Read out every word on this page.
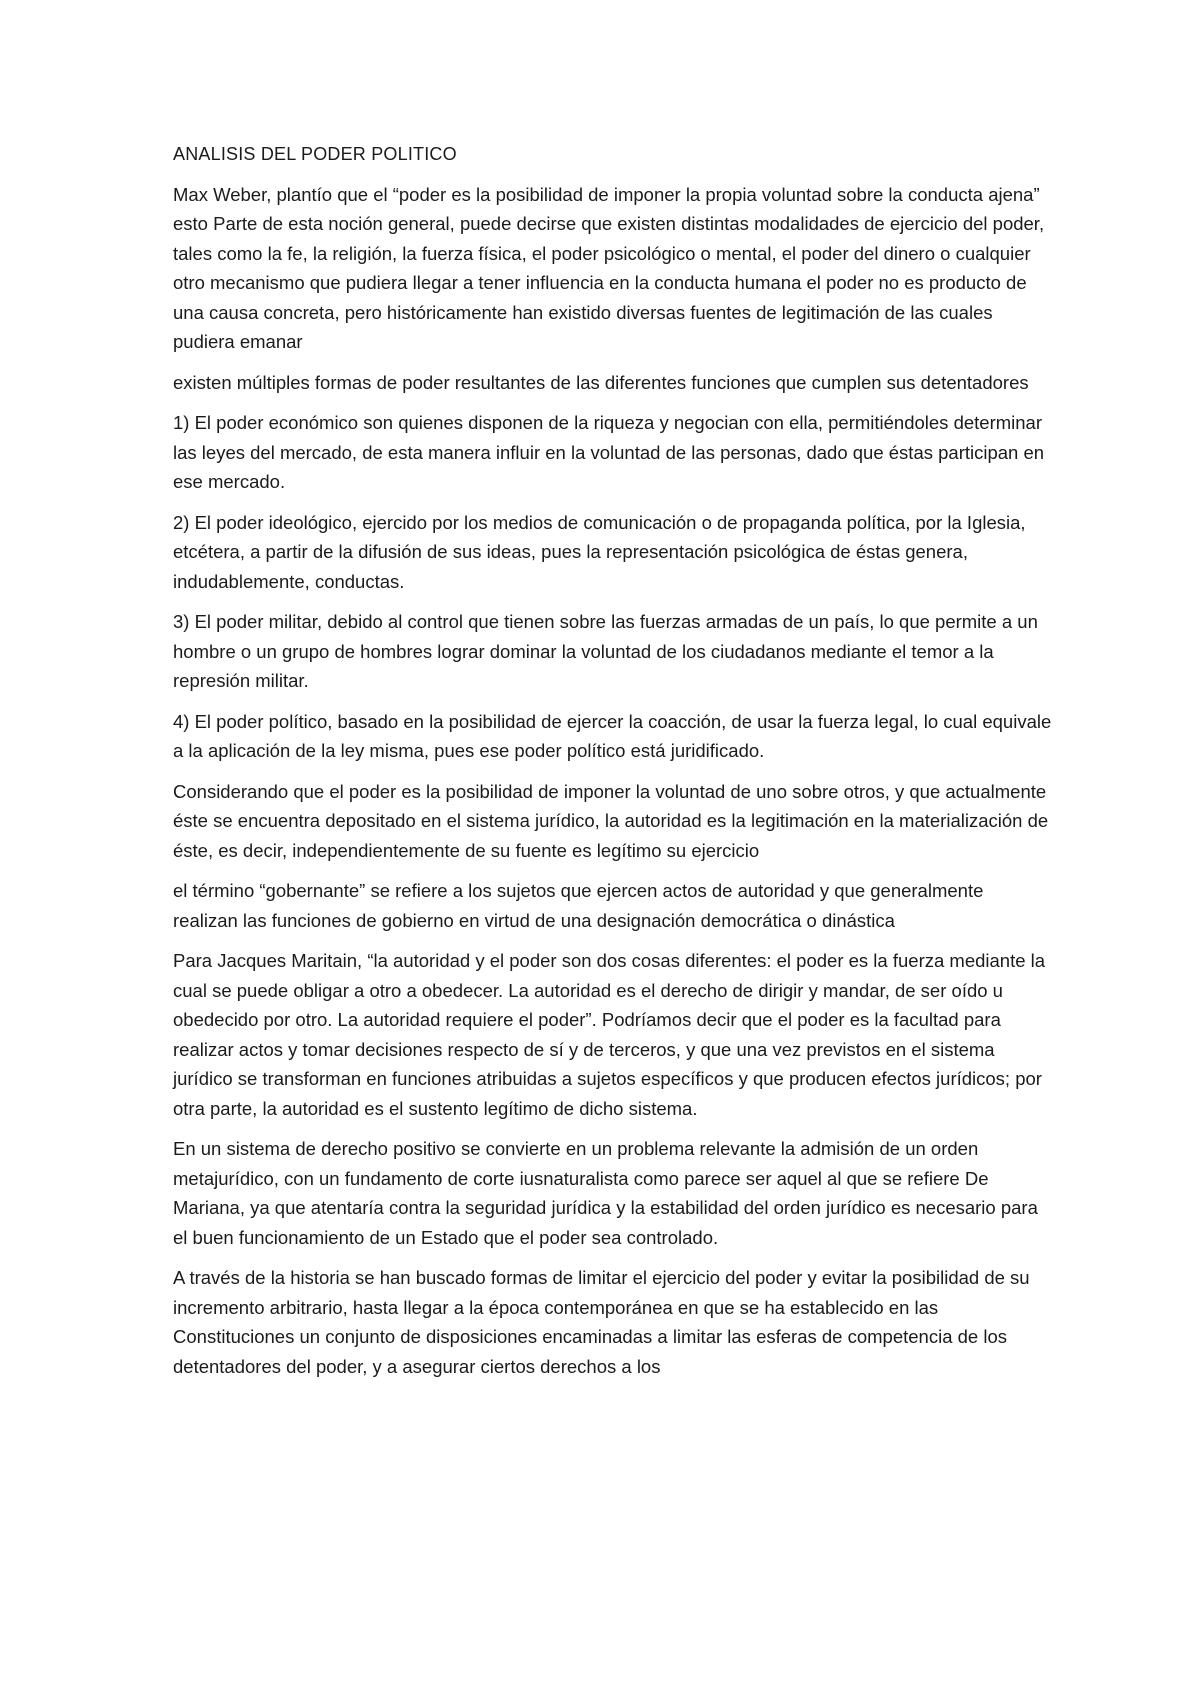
ANALISIS DEL PODER POLITICO

Max Weber, plantío que el “poder es la posibilidad de imponer la propia voluntad sobre la conducta ajena” esto Parte de esta noción general, puede decirse que existen distintas modalidades de ejercicio del poder, tales como la fe, la religión, la fuerza física, el poder psicológico o mental, el poder del dinero o cualquier otro mecanismo que pudiera llegar a tener influencia en la conducta humana el poder no es producto de una causa concreta, pero históricamente han existido diversas fuentes de legitimación de las cuales pudiera emanar

existen múltiples formas de poder resultantes de las diferentes funciones que cumplen sus detentadores

1) El poder económico son quienes disponen de la riqueza y negocian con ella, permitiéndoles determinar las leyes del mercado, de esta manera influir en la voluntad de las personas, dado que éstas participan en ese mercado.

2) El poder ideológico, ejercido por los medios de comunicación o de propaganda política, por la Iglesia, etcétera, a partir de la difusión de sus ideas, pues la representación psicológica de éstas genera, indudablemente, conductas.

3) El poder militar, debido al control que tienen sobre las fuerzas armadas de un país, lo que permite a un hombre o un grupo de hombres lograr dominar la voluntad de los ciudadanos mediante el temor a la represión militar.

4) El poder político, basado en la posibilidad de ejercer la coacción, de usar la fuerza legal, lo cual equivale a la aplicación de la ley misma, pues ese poder político está juridificado.

Considerando que el poder es la posibilidad de imponer la voluntad de uno sobre otros, y que actualmente éste se encuentra depositado en el sistema jurídico, la autoridad es la legitimación en la materialización de éste, es decir, independientemente de su fuente es legítimo su ejercicio

el término “gobernante” se refiere a los sujetos que ejercen actos de autoridad y que generalmente realizan las funciones de gobierno en virtud de una designación democrática o dinástica

Para Jacques Maritain, “la autoridad y el poder son dos cosas diferentes: el poder es la fuerza mediante la cual se puede obligar a otro a obedecer. La autoridad es el derecho de dirigir y mandar, de ser oído u obedecido por otro. La autoridad requiere el poder”. Podríamos decir que el poder es la facultad para realizar actos y tomar decisiones respecto de sí y de terceros, y que una vez previstos en el sistema jurídico se transforman en funciones atribuidas a sujetos específicos y que producen efectos jurídicos; por otra parte, la autoridad es el sustento legítimo de dicho sistema.

En un sistema de derecho positivo se convierte en un problema relevante la admisión de un orden metajurídico, con un fundamento de corte iusnaturalista como parece ser aquel al que se refiere De Mariana, ya que atentaría contra la seguridad jurídica y la estabilidad del orden jurídico es necesario para el buen funcionamiento de un Estado que el poder sea controlado.

A través de la historia se han buscado formas de limitar el ejercicio del poder y evitar la posibilidad de su incremento arbitrario, hasta llegar a la época contemporánea en que se ha establecido en las Constituciones un conjunto de disposiciones encaminadas a limitar las esferas de competencia de los detentadores del poder, y a asegurar ciertos derechos a los
